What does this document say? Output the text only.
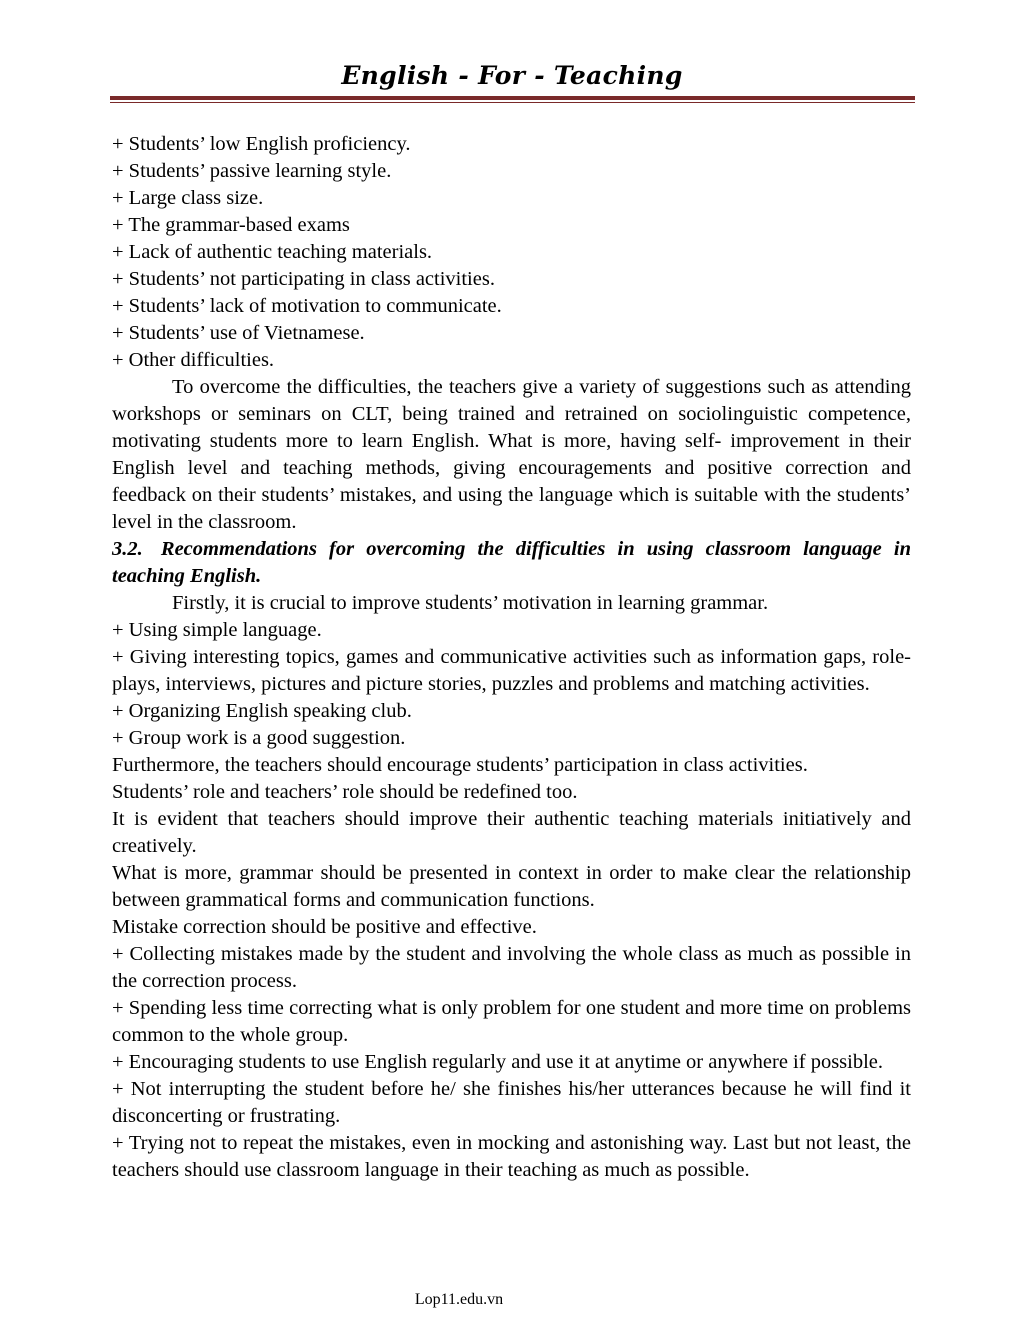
English - For - Teaching

+ Students’ low English proficiency.

+ Students’ passive learning style.

+ Large class size.

+ The grammar-based exams

+ Lack of authentic teaching materials.

+ Students’ not participating in class activities.

+ Students’ lack of motivation to communicate.

+ Students’ use of Vietnamese.

+ Other difficulties.

To overcome the difficulties, the teachers give a variety of suggestions such as attending workshops or seminars on CLT, being trained and retrained on sociolinguistic competence, motivating students more to learn English. What is more, having self- improvement in their English level and teaching methods, giving encouragements and positive correction and feedback on their students’ mistakes, and using the language which is suitable with the students’ level in the classroom.

3.2. Recommendations for overcoming the difficulties in using classroom language in teaching English.

Firstly, it is crucial to improve students’ motivation in learning grammar.

+ Using simple language.

+ Giving interesting topics, games and communicative activities such as information gaps, role-plays, interviews, pictures and picture stories, puzzles and problems and matching activities.

+ Organizing English speaking club.

+ Group work is a good suggestion.

Furthermore, the teachers should encourage students’ participation in class activities.

Students’ role and teachers’ role should be redefined too.

It is evident that teachers should improve their authentic teaching materials initiatively and creatively.

What is more, grammar should be presented in context in order to make clear the relationship between grammatical forms and communication functions.

Mistake correction should be positive and effective.

+ Collecting mistakes made by the student and involving the whole class as much as possible in the correction process.

+ Spending less time correcting what is only problem for one student and more time on problems common to the whole group.

+ Encouraging students to use English regularly and use it at anytime or anywhere if possible.

+ Not interrupting the student before he/ she finishes his/her utterances because he will find it disconcerting or frustrating.

+ Trying not to repeat the mistakes, even in mocking and astonishing way. Last but not least, the teachers should use classroom language in their teaching as much as possible.

Lop11.edu.vn
